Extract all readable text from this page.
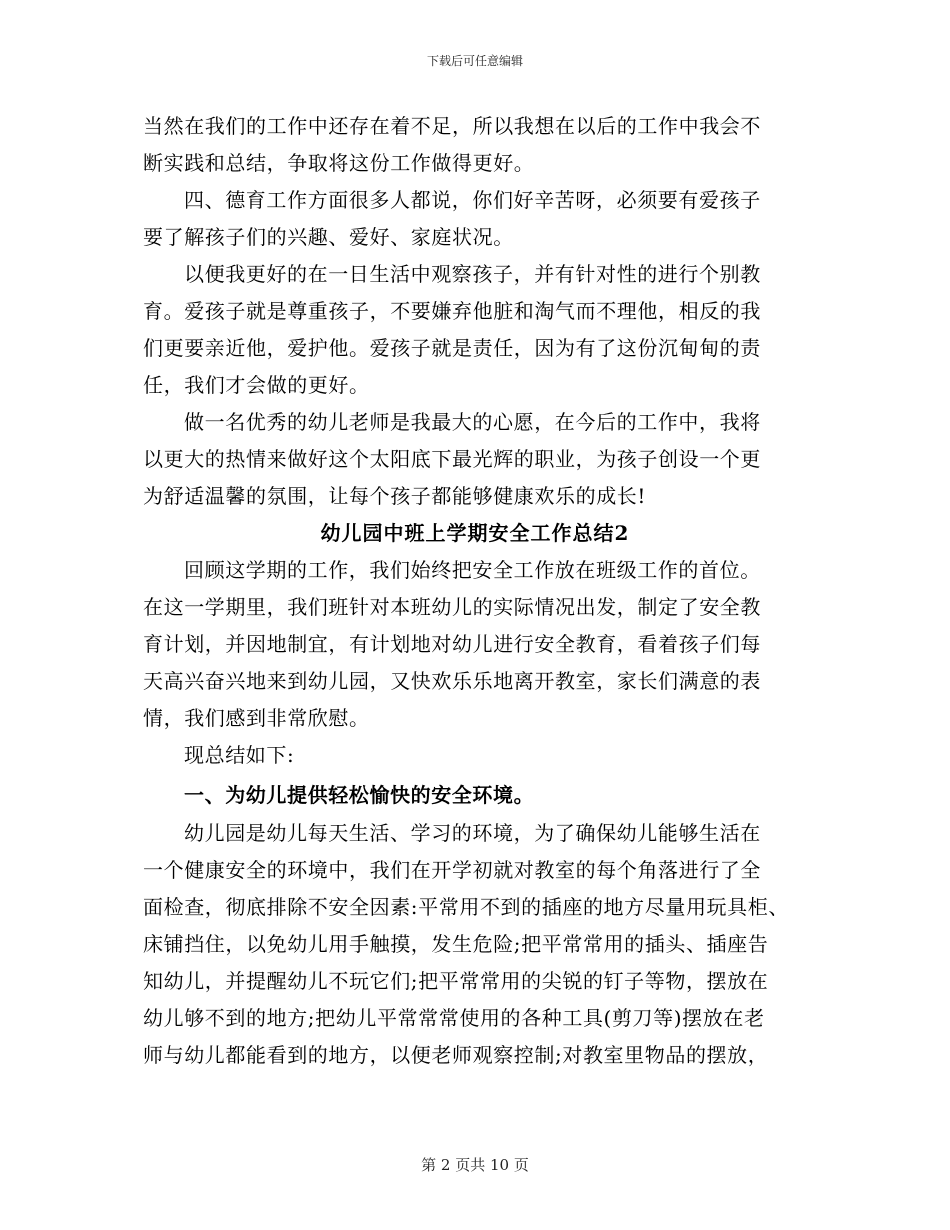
下载后可任意编辑
当然在我们的工作中还存在着不足，所以我想在以后的工作中我会不
断实践和总结，争取将这份工作做得更好。
四、德育工作方面很多人都说，你们好辛苦呀，必须要有爱孩子
要了解孩子们的兴趣、爱好、家庭状况。
以便我更好的在一日生活中观察孩子，并有针对性的进行个别教
育。爱孩子就是尊重孩子，不要嫌弃他脏和淘气而不理他，相反的我
们更要亲近他，爱护他。爱孩子就是责任，因为有了这份沉甸甸的责
任，我们才会做的更好。
做一名优秀的幼儿老师是我最大的心愿，在今后的工作中，我将
以更大的热情来做好这个太阳底下最光辉的职业，为孩子创设一个更
为舒适温馨的氛围，让每个孩子都能够健康欢乐的成长!
幼儿园中班上学期安全工作总结2
回顾这学期的工作，我们始终把安全工作放在班级工作的首位。
在这一学期里，我们班针对本班幼儿的实际情况出发，制定了安全教
育计划，并因地制宜，有计划地对幼儿进行安全教育，看着孩子们每
天高兴奋兴地来到幼儿园，又快欢乐乐地离开教室，家长们满意的表
情，我们感到非常欣慰。
现总结如下:
一、为幼儿提供轻松愉快的安全环境。
幼儿园是幼儿每天生活、学习的环境，为了确保幼儿能够生活在
一个健康安全的环境中，我们在开学初就对教室的每个角落进行了全
面检查，彻底排除不安全因素:平常用不到的插座的地方尽量用玩具柜、
床铺挡住，以免幼儿用手触摸，发生危险;把平常常用的插头、插座告
知幼儿，并提醒幼儿不玩它们;把平常常用的尖锐的钉子等物，摆放在
幼儿够不到的地方;把幼儿平常常常使用的各种工具(剪刀等)摆放在老
师与幼儿都能看到的地方，以便老师观察控制;对教室里物品的摆放，
第 2 页共 10 页
